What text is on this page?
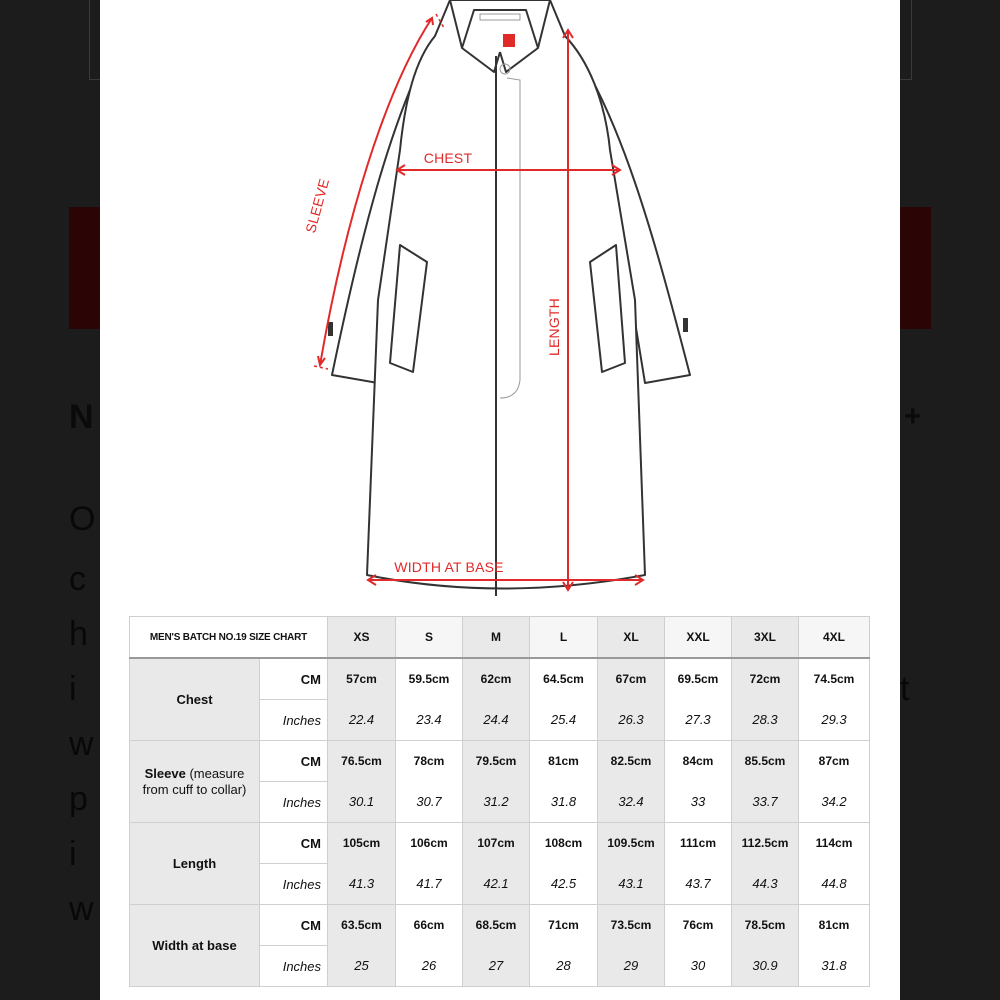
N	+
O
c
h
i
w
p
i
w
t
CHEST
LENGTH
SLEEVE
WIDTH AT BASE
MEN'S BATCH NO.19 SIZE CHART		XS	S	M	L	XL	XXL	3XL	4XL
Chest	CM	57cm	59.5cm	62cm	64.5cm	67cm	69.5cm	72cm	74.5cm
	Inches	22.4	23.4	24.4	25.4	26.3	27.3	28.3	29.3
Sleeve (measure from cuff to collar)	CM	76.5cm	78cm	79.5cm	81cm	82.5cm	84cm	85.5cm	87cm
	Inches	30.1	30.7	31.2	31.8	32.4	33	33.7	34.2
Length	CM	105cm	106cm	107cm	108cm	109.5cm	111cm	112.5cm	114cm
	Inches	41.3	41.7	42.1	42.5	43.1	43.7	44.3	44.8
Width at base	CM	63.5cm	66cm	68.5cm	71cm	73.5cm	76cm	78.5cm	81cm
	Inches	25	26	27	28	29	30	30.9	31.8
